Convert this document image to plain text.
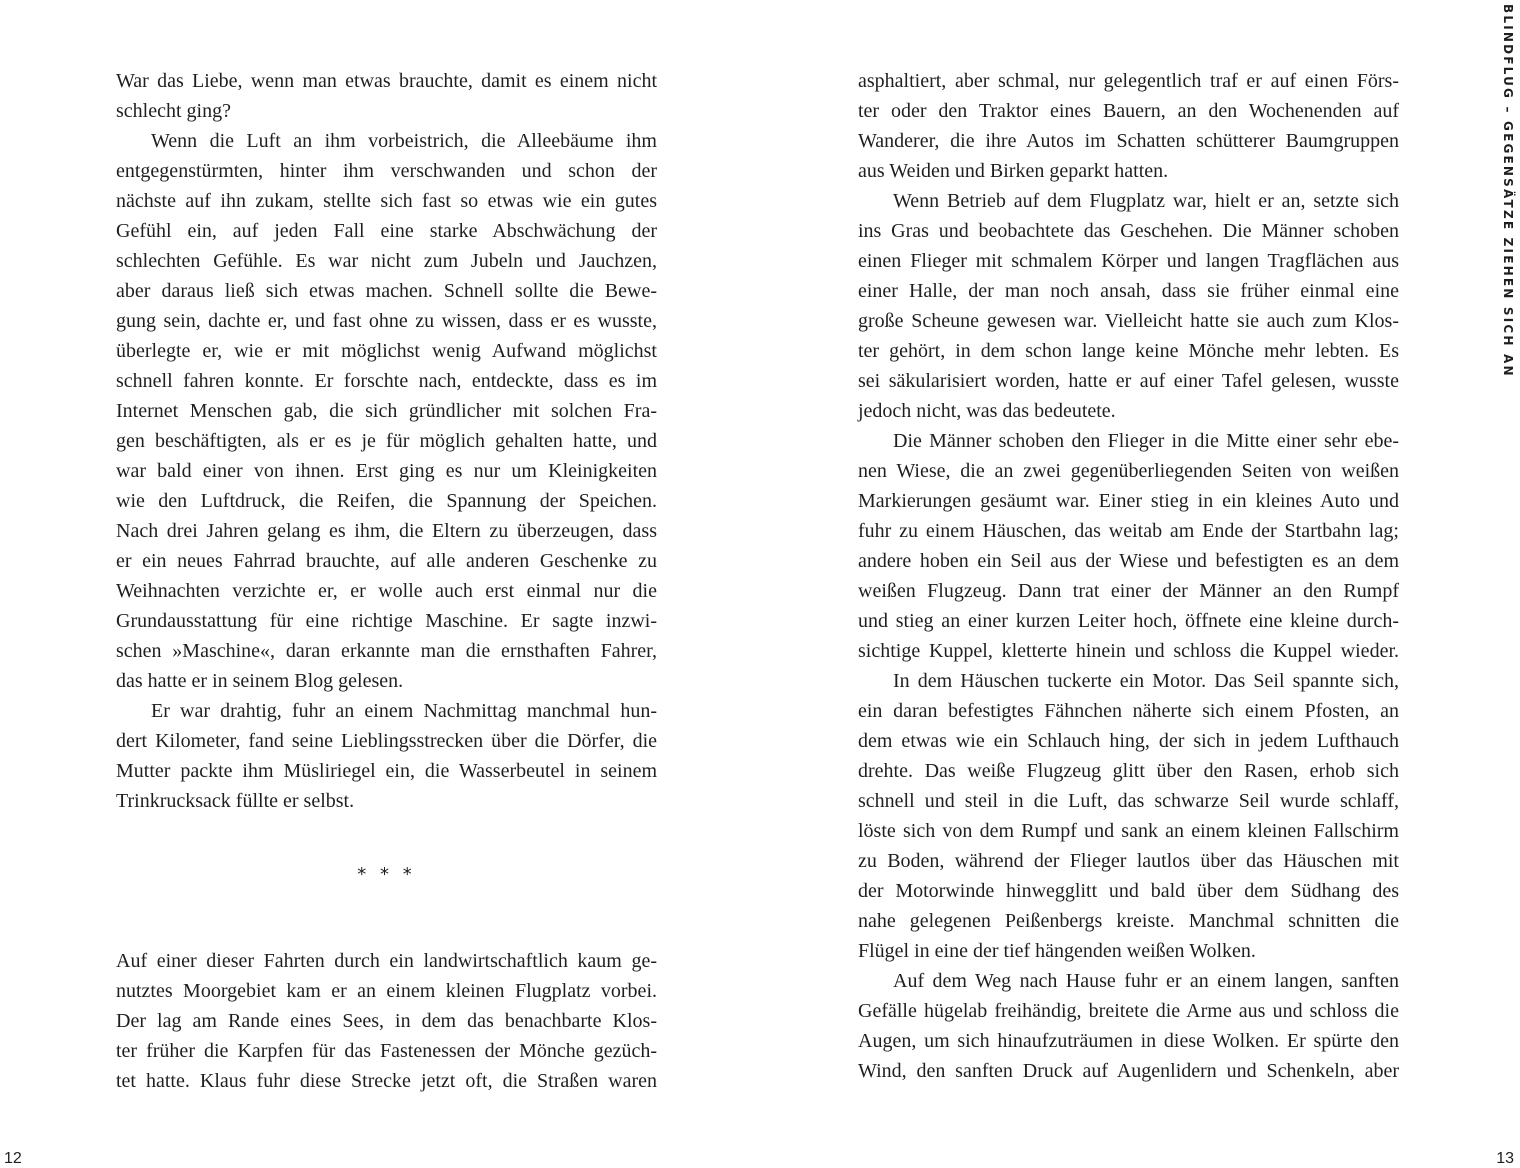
War das Liebe, wenn man etwas brauchte, damit es einem nicht
schlecht ging?

Wenn die Luft an ihm vorbeistrich, die Alleebäume ihm
entgegenstürmten, hinter ihm verschwanden und schon der
nächste auf ihn zukam, stellte sich fast so etwas wie ein gutes
Gefühl ein, auf jeden Fall eine starke Abschwächung der
schlechten Gefühle. Es war nicht zum Jubeln und Jauchzen,
aber daraus ließ sich etwas machen. Schnell sollte die Bewe-
gung sein, dachte er, und fast ohne zu wissen, dass er es wusste,
überlegte er, wie er mit möglichst wenig Aufwand möglichst
schnell fahren konnte. Er forschte nach, entdeckte, dass es im
Internet Menschen gab, die sich gründlicher mit solchen Fra-
gen beschäftigten, als er es je für möglich gehalten hatte, und
war bald einer von ihnen. Erst ging es nur um Kleinigkeiten
wie den Luftdruck, die Reifen, die Spannung der Speichen.
Nach drei Jahren gelang es ihm, die Eltern zu überzeugen, dass
er ein neues Fahrrad brauchte, auf alle anderen Geschenke zu
Weihnachten verzichte er, er wolle auch erst einmal nur die
Grundausstattung für eine richtige Maschine. Er sagte inzwi-
schen »Maschine«, daran erkannte man die ernsthaften Fahrer,
das hatte er in seinem Blog gelesen.

Er war drahtig, fuhr an einem Nachmittag manchmal hun-
dert Kilometer, fand seine Lieblingsstrecken über die Dörfer, die
Mutter packte ihm Müsliriegel ein, die Wasserbeutel in seinem
Trinkrucksack füllte er selbst.

* * *

Auf einer dieser Fahrten durch ein landwirtschaftlich kaum ge-
nutztes Moorgebiet kam er an einem kleinen Flugplatz vorbei.
Der lag am Rande eines Sees, in dem das benachbarte Klos-
ter früher die Karpfen für das Fastenessen der Mönche gezüch-
tet hatte. Klaus fuhr diese Strecke jetzt oft, die Straßen waren

12

asphaltiert, aber schmal, nur gelegentlich traf er auf einen Förs-
ter oder den Traktor eines Bauern, an den Wochenenden auf
Wanderer, die ihre Autos im Schatten schütterer Baumgruppen
aus Weiden und Birken geparkt hatten.

Wenn Betrieb auf dem Flugplatz war, hielt er an, setzte sich
ins Gras und beobachtete das Geschehen. Die Männer schoben
einen Flieger mit schmalem Körper und langen Tragflächen aus
einer Halle, der man noch ansah, dass sie früher einmal eine
große Scheune gewesen war. Vielleicht hatte sie auch zum Klos-
ter gehört, in dem schon lange keine Mönche mehr lebten. Es
sei säkularisiert worden, hatte er auf einer Tafel gelesen, wusste
jedoch nicht, was das bedeutete.

Die Männer schoben den Flieger in die Mitte einer sehr ebe-
nen Wiese, die an zwei gegenüberliegenden Seiten von weißen
Markierungen gesäumt war. Einer stieg in ein kleines Auto und
fuhr zu einem Häuschen, das weitab am Ende der Startbahn lag;
andere hoben ein Seil aus der Wiese und befestigten es an dem
weißen Flugzeug. Dann trat einer der Männer an den Rumpf
und stieg an einer kurzen Leiter hoch, öffnete eine kleine durch-
sichtige Kuppel, kletterte hinein und schloss die Kuppel wieder.

In dem Häuschen tuckerte ein Motor. Das Seil spannte sich,
ein daran befestigtes Fähnchen näherte sich einem Pfosten, an
dem etwas wie ein Schlauch hing, der sich in jedem Lufthauch
drehte. Das weiße Flugzeug glitt über den Rasen, erhob sich
schnell und steil in die Luft, das schwarze Seil wurde schlaff,
löste sich von dem Rumpf und sank an einem kleinen Fallschirm
zu Boden, während der Flieger lautlos über das Häuschen mit
der Motorwinde hinwegglitt und bald über dem Südhang des
nahe gelegenen Peißenbergs kreiste. Manchmal schnitten die
Flügel in eine der tief hängenden weißen Wolken.

Auf dem Weg nach Hause fuhr er an einem langen, sanften
Gefälle hügelab freihändig, breitete die Arme aus und schloss die
Augen, um sich hinaufzuträumen in diese Wolken. Er spürte den
Wind, den sanften Druck auf Augenlidern und Schenkeln, aber

13
BLINDFLUG – GEGENSÄTZE ZIEHEN SICH AN
